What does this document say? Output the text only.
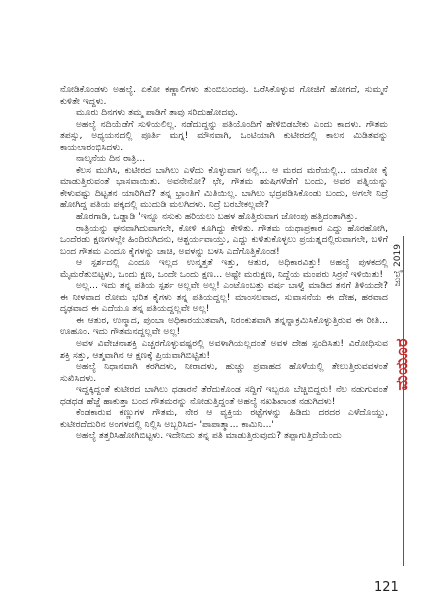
ನೋಡಿಕೊಂಡಳು ಅಹಲ್ಯೆ. ಏಕೋ ಕಣ್ಣಾಲಿಗಳು ತುಂಬಿಬಂದವು. ಒರೆಸಿಕೊಳ್ಳುವ ಗೋಜಿಗೆ ಹೋಗದೆ, ಸುಮ್ಮನೆ ಕುಳಿತೇ ಇದ್ದಳು.

ಮೂರು ದಿನಗಳು ತಮ್ಮ ಪಾಡಿಗೆ ತಾವು ಸರಿದುಹೋದವು.

ಅಹಲ್ಯೆ ನದಿಯೆಡೆಗೆ ಸುಳಿಯಲಿಲ್ಲ. ನಡೆದುದ್ದನ್ನು ಪತಿಯೊಂದಿಗೆ ಹೇಳಿಬಿಡಬೇಕು ಎಂದು ಕಾದಳು. ಗೌತಮ ತಪಸ್ಸು, ಅಧ್ಯಯನದಲ್ಲಿ ಪೂರ್ತಿ ಮಗ್ನ! ಮೌನವಾಗಿ, ಒಂಟಿಯಾಗಿ ಕುಟೀರದಲ್ಲಿ ಕಾಲನ ಮಿಡಿತವನ್ನು ಕಾಯಲಾರಂಭಿಸಿದಳು.

ನಾಲ್ಕನೆಯ ದಿನ ರಾತ್ರಿ...

ಕೆಲಸ ಮುಗಿಸಿ, ಕುಟೀರದ ಬಾಗಿಲು ಎಳೆದು ಕೊಳ್ಳುವಾಗ ಅಲ್ಲಿ... ಆ ಮರದ ಮರೆಯಲ್ಲಿ... ಯಾರೋ ಕೈ ಮಾಡುತ್ತಿರುವಂತೆ ಭಾಸವಾಯಿತು. ಅವನೇನೋ? ಛೇ, ಗೌತಮ ಋಷಿಗಳೆಡೆಗೆ ಬಂದು, ಅವರ ಪತ್ನಿಯನ್ನು ಕೇಳುವಷ್ಟು ದಿಟ್ಟತನ ಯಾರಿಗಿದೆ? ತನ್ನ ಭ್ರಾಂತಿಗೆ ಮಿತಿಯಿಲ್ಲ. ಬಾಗಿಲು ಭದ್ರಪಡಿಸಿಕೊಂಡು ಬಂದು, ಅಗಲೇ ನಿದ್ರೆ ಹೋಗಿದ್ದ ಪತಿಯ ಪಕ್ಕದಲ್ಲಿ ಮುದುಡಿ ಮಲಗಿದಳು. ನಿದ್ರೆ ಬರಬೇಕಲ್ಲವೇ?

ಹೊರಗಾಡಿ, ಒಡ್ಡಾಡಿ 'ಇನ್ನೂ ನಸುಕು ಹರಿಯಲು ಬಹಳ ಹೊತ್ತಿರುವಾಗ ಜೋಂಪು ಹತ್ತಿದಂತಾಗಿತ್ತು.

ರಾತ್ರಿಯನ್ನು ಘನವಾಗಿದುವಾಗಲೇ, ಕೋಳಿ ಕೂಗಿದ್ದು ಕೇಳಿತು. ಗೌತಮ ಯಥಾಪ್ರಕಾರ ಎದ್ದು ಹೊರಹೋಗಿ, ಒಂದೆರಡು ಕ್ಷಣಗಳಲ್ಲೇ ಹಿಂದಿರುಗಿದನು, ಆಶ್ಚರ್ಯವಾಯ್ತು, ಎದ್ದು ಕುಳಿತುಕೊಳ್ಳಲು ಪ್ರಯತ್ನದಲ್ಲಿರುವಾಗಲೇ, ಬಳಿಗೆ ಬಂದ ಗೌತಮ ಎಂದೂ ಕೈಗಳನ್ನು ಚಾಚಿ, ಅವಳನ್ನು ಬಳಸಿ ಎದೆಗೊತ್ತಿಕೊಂಡ!

ಆ ಸ್ಪರ್ಶದಲ್ಲಿ ಎಂದೂ ಇಲ್ಲದ ಉನ್ಮತ್ತತೆ ಇತ್ತು, ಆತುರ, ಅಧಿಕಾರವಿತ್ತು! ಅಹಲ್ಯೆ ಪುಳಕದಲ್ಲಿ ಮೈಮರೆತುಬಿಟ್ಟಳು, ಒಂದು ಕ್ಷಣ, ಒಂದೇ ಒಂದು ಕ್ಷಣ... ಅಷ್ಟೇ ಮರುಕ್ಷಣ, ನಿದ್ದೆಯ ಮಂಪರು ಸಿರ್ರನೆ ಇಳಿಯಿತು!

ಅಲ್ಲ... ಇದು ತನ್ನ ಪತಿಯ ಸ್ಪರ್ಶ ಅಲ್ಲವೇ ಅಲ್ಲ! ಎಂಟೊಂಬತ್ತು ವರ್ಷ ಬಾಳ್ವೆ ಮಾಡಿದ ತನಗೆ ತಿಳಿಯದೇ? ಈ ನೀಳವಾದ ರೋಮ ಭರಿತ ಕೈಗಳು ತನ್ನ ಪತಿಯದ್ದಲ್ಲ! ಮಾಂಸಲವಾದ, ಸುವಾಸನೆಯ ಈ ದೇಹ, ಹರವಾದ ದೃಢವಾದ ಈ ಎದೆಯೂ ತನ್ನ ಪತಿಯದ್ದಲ್ಲವೇ ಅಲ್ಲ!

ಈ ಆತುರ, ಉನ್ಮಾದ, ಪುಂಬಾ ಅಧಿಕಾರಯುತವಾಗಿ, ನಿರಂಕುಶವಾಗಿ ತನ್ನನ್ನಾಕ್ರಮಿಸಿಕೊಳ್ಳುತ್ತಿರುವ ಈ ರೀತಿ... ಊಹೂಂ. ಇದು ಗೌತಮನದ್ದಲ್ಲವೇ ಅಲ್ಲ!

ಅವಳ ವಿವೇಚನಾಶಕ್ತಿ ಎಚ್ಚರಗೊಳ್ಳುವಷ್ಟರಲ್ಲಿ ಅವಳಾಗಿಯಲ್ಲದಂತೆ ಅವಳ ದೇಹ ಸ್ಪಂದಿಸಿತು! ವಿರೋಧಿಸುವ ಶಕ್ತಿ ಸತ್ತು, ಆತ್ಮವಾಗಿನ ಆ ಕ್ಷಣಕ್ಕೆ ಪ್ರಿಯವಾಗಿಬಿಟ್ಟಿತು!

ಅಹಲ್ಯೆ ನಿಧಾನವಾಗಿ ಕರಗಿದಳು, ನೀರಾದಳು, ಹುಚ್ಚು ಪ್ರವಾಹದ ಹೊಳೆಯಲ್ಲಿ ತೇಲುತ್ತಿರುವವಳಂತೆ ಸುಖಿಸಿದಳು.

ಇದ್ದಕ್ಕಿದ್ದಂತೆ ಕುಟೀರದ ಬಾಗಿಲು ಧಡಾರನೆ ತೆರೆದುಕೊಂಡ ಸದ್ದಿಗೆ ಇಬ್ಬರೂ ಬೆಚ್ಚಿಬಿದ್ದರು! ನೆಲ ನಡುಗುವಂತೆ ಧಡಧಡ ಹೆಜ್ಜೆ ಹಾಕುತ್ತಾ ಬಂದ ಗೌತಮರನ್ನು ನೋಡುತ್ತಿದ್ದಂತೆ ಅಹಲ್ಯೆ ನಖಶಿಖಾಂತ ನಡುಗಿದಳು!

ಕೆಂಡಕಾರುವ ಕಣ್ಣುಗಳ ಗೌತಮ, ನೇರ ಆ ವ್ಯಕ್ತಿಯ ರಟ್ಟೆಗಳನ್ನು ಹಿಡಿದು ದರದರ ಎಳೆದೊಯ್ದು, ಕುಟೀರದೆದುರಿನ ಅಂಗಳದಲ್ಲಿ ನಿಲ್ಲಿಸಿ ಅಬ್ಬರಿಸಿದ- 'ಪಾಪಾತ್ಮಾ... ಕಾಮಿನಿ...'

ಅಹಲ್ಯೆ ತತ್ತರಿಸಿಹೋಗಿಬಿಟ್ಟಳು. ಇದೇನಿದು ತನ್ನ ಪತಿ ಮಾಡುತ್ತಿರುವುದು? ತಪ್ಪಾಗುತ್ತಿದೆಯೆಂದು

ಜುಲೈ 2019
ಮಯೂರ
121
